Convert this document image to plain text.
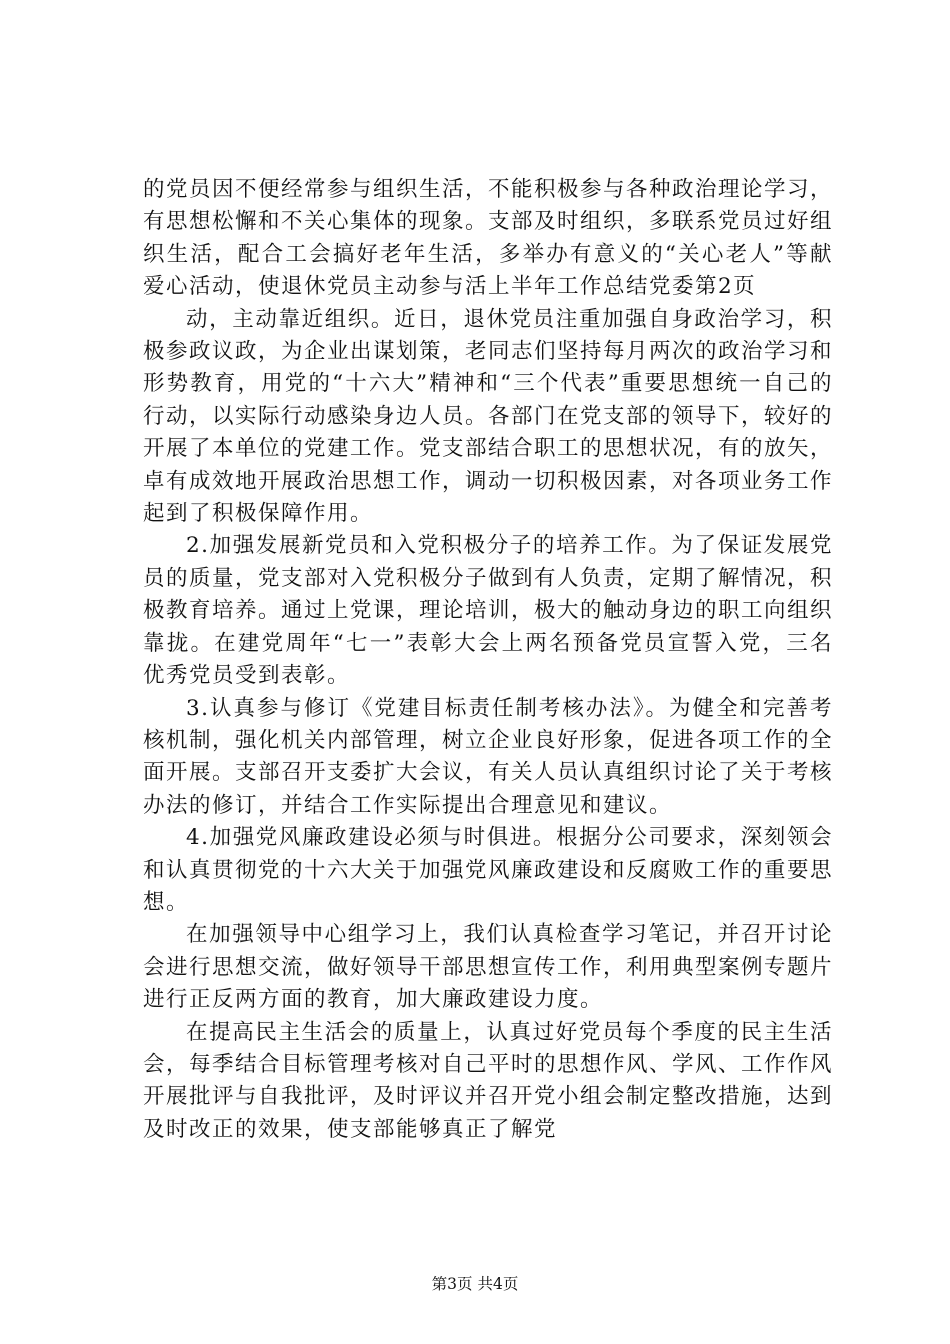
的党员因不便经常参与组织生活，不能积极参与各种政治理论学习，有思想松懈和不关心集体的现象。支部及时组织，多联系党员过好组织生活，配合工会搞好老年生活，多举办有意义的“关心老人”等献爱心活动，使退休党员主动参与活上半年工作总结党委第2页

动，主动靠近组织。近日，退休党员注重加强自身政治学习，积极参政议政，为企业出谋划策，老同志们坚持每月两次的政治学习和形势教育，用党的“十六大”精神和“三个代表”重要思想统一自己的行动，以实际行动感染身边人员。各部门在党支部的领导下，较好的开展了本单位的党建工作。党支部结合职工的思想状况，有的放矢，卓有成效地开展政治思想工作，调动一切积极因素，对各项业务工作起到了积极保障作用。

2.加强发展新党员和入党积极分子的培养工作。为了保证发展党员的质量，党支部对入党积极分子做到有人负责，定期了解情况，积极教育培养。通过上党课，理论培训，极大的触动身边的职工向组织靠拢。在建党周年“七一”表彰大会上两名预备党员宣誓入党，三名优秀党员受到表彰。

3.认真参与修订《党建目标责任制考核办法》。为健全和完善考核机制，强化机关内部管理，树立企业良好形象，促进各项工作的全面开展。支部召开支委扩大会议，有关人员认真组织讨论了关于考核办法的修订，并结合工作实际提出合理意见和建议。

4.加强党风廉政建设必须与时俱进。根据分公司要求，深刻领会和认真贯彻党的十六大关于加强党风廉政建设和反腐败工作的重要思想。

在加强领导中心组学习上，我们认真检查学习笔记，并召开讨论会进行思想交流，做好领导干部思想宣传工作，利用典型案例专题片进行正反两方面的教育，加大廉政建设力度。

在提高民主生活会的质量上，认真过好党员每个季度的民主生活会，每季结合目标管理考核对自己平时的思想作风、学风、工作作风开展批评与自我批评，及时评议并召开党小组会制定整改措施，达到及时改正的效果，使支部能够真正了解党

第3页 共4页
